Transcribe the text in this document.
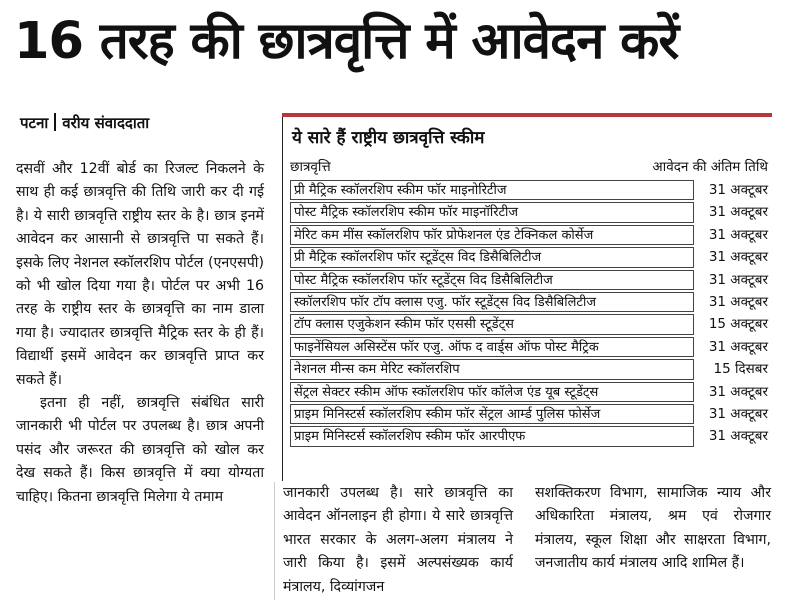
16 तरह की छात्रवृत्ति में आवेदन करें
पटना वरीय संवाददाता

दसवीं और 12वीं बोर्ड का रिजल्ट निकलने के साथ ही कई छात्रवृत्ति की तिथि जारी कर दी गई है। ये सारी छात्रवृत्ति राष्ट्रीय स्तर के है। छात्र इनमें आवेदन कर आसानी से छात्रवृत्ति पा सकते हैं। इसके लिए नेशनल स्कॉलरशिप पोर्टल (एनएसपी) को भी खोल दिया गया है। पोर्टल पर अभी 16 तरह के राष्ट्रीय स्तर के छात्रवृत्ति का नाम डाला गया है। ज्यादातर छात्रवृत्ति मैट्रिक स्तर के ही हैं। विद्यार्थी इसमें आवेदन कर छात्रवृत्ति प्राप्त कर सकते हैं।

इतना ही नहीं, छात्रवृत्ति संबंधित सारी जानकारी भी पोर्टल पर उपलब्ध है। छात्र अपनी पसंद और जरूरत की छात्रवृत्ति को खोल कर देख सकते हैं। किस छात्रवृत्ति में क्या योग्यता चाहिए। कितना छात्रवृत्ति मिलेगा ये तमाम

ये सारे हैं राष्ट्रीय छात्रवृत्ति स्कीम
छात्रवृत्ति	आवेदन की अंतिम तिथि
प्री मैट्रिक स्कॉलरशिप स्कीम फॉर माइनोरिटीज	31 अक्टूबर
पोस्ट मैट्रिक स्कॉलरशिप स्कीम फॉर माइनॉरिटीज	31 अक्टूबर
मेरिट कम मींस स्कॉलरशिप फॉर प्रोफेशनल एंड टेक्निकल कोर्सेज	31 अक्टूबर
प्री मैट्रिक स्कॉलरशिप फॉर स्टूडेंट्स विद डिसैबिलिटीज	31 अक्टूबर
पोस्ट मैट्रिक स्कॉलरशिप फॉर स्टूडेंट्स विद डिसैबिलिटीज	31 अक्टूबर
स्कॉलरशिप फॉर टॉप क्लास एजु. फॉर स्टूडेंट्स विद डिसैबिलिटीज	31 अक्टूबर
टॉप क्लास एजुकेशन स्कीम फॉर एससी स्टूडेंट्स	15 अक्टूबर
फाइनेंसियल असिस्टेंस फॉर एजु. ऑफ द वार्ड्स ऑफ पोस्ट मैट्रिक	31 अक्टूबर
नेशनल मीन्स कम मेरिट स्कॉलरशिप	15 दिसबर
सेंट्रल सेक्टर स्कीम ऑफ स्कॉलरशिप फॉर कॉलेज एंड यूब स्टूडेंट्स	31 अक्टूबर
प्राइम मिनिस्टर्स स्कॉलरशिप स्कीम फॉर सेंट्रल आर्म्ड पुलिस फोर्सेज	31 अक्टूबर
प्राइम मिनिस्टर्स स्कॉलरशिप स्कीम फॉर आरपीएफ	31 अक्टूबर
जानकारी उपलब्ध है। सारे छात्रवृत्ति का आवेदन ऑनलाइन ही होगा। ये सारे छात्रवृत्ति भारत सरकार के अलग-अलग मंत्रालय ने जारी किया है। इसमें अल्पसंख्यक कार्य मंत्रालय, दिव्यांगजन
सशक्तिकरण विभाग, सामाजिक न्याय और अधिकारिता मंत्रालय, श्रम एवं रोजगार मंत्रालय, स्कूल शिक्षा और साक्षरता विभाग, जनजातीय कार्य मंत्रालय आदि शामिल हैं।
